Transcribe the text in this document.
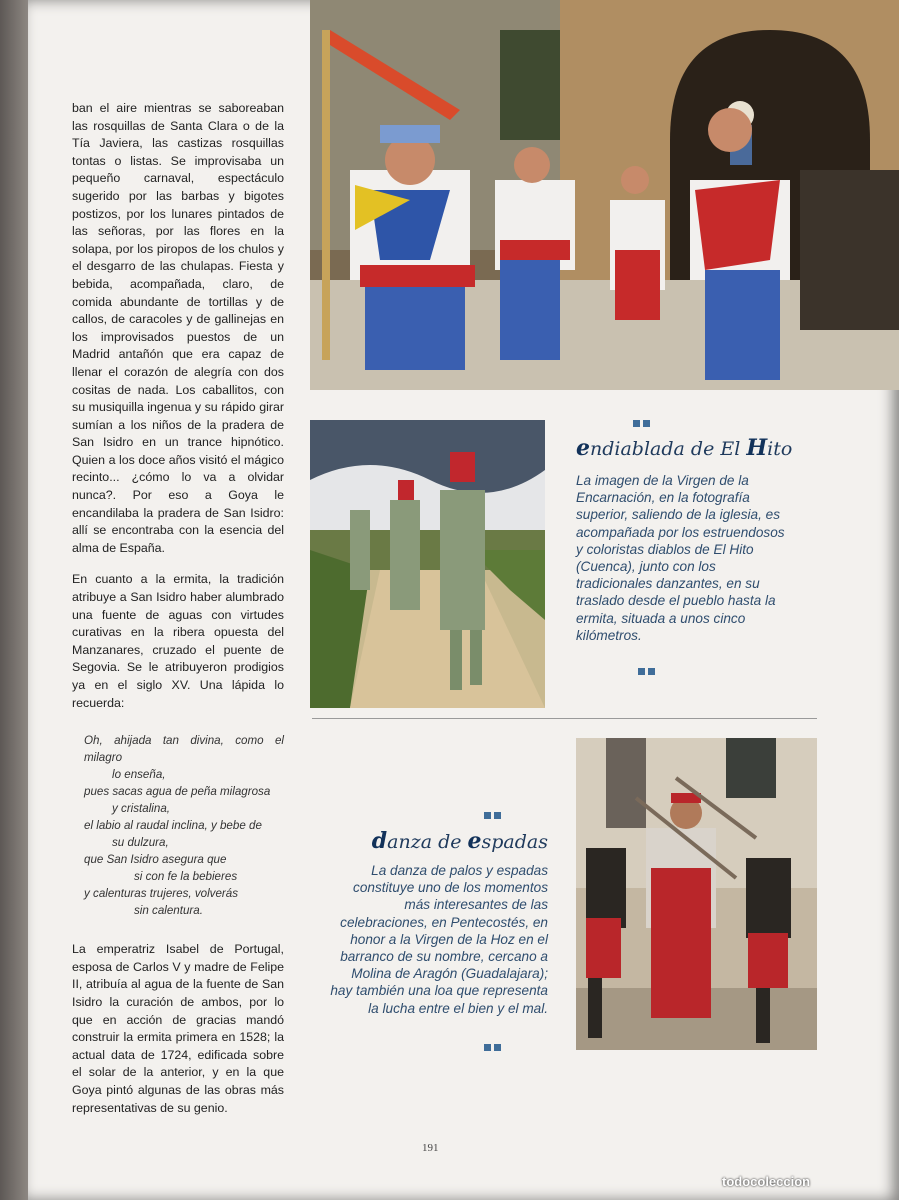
ban el aire mientras se saboreaban las rosquillas de Santa Clara o de la Tía Javiera, las castizas rosquillas tontas o listas. Se improvisaba un pequeño carnaval, espectáculo sugerido por las barbas y bigotes postizos, por los lunares pintados de las señoras, por las flores en la solapa, por los piropos de los chulos y el desgarro de las chulapas. Fiesta y bebida, acompañada, claro, de comida abundante de tortillas y de callos, de caracoles y de gallinejas en los improvisados puestos de un Madrid antañón que era capaz de llenar el corazón de alegría con dos cositas de nada. Los caballitos, con su musiquilla ingenua y su rápido girar sumían a los niños de la pradera de San Isidro en un trance hipnótico. Quien a los doce años visitó el mágico recinto... ¿cómo lo va a olvidar nunca?. Por eso a Goya le encandilaba la pradera de San Isidro: allí se encontraba con la esencia del alma de España.

En cuanto a la ermita, la tradición atribuye a San Isidro haber alumbrado una fuente de aguas con virtudes curativas en la ribera opuesta del Manzanares, cruzado el puente de Segovia. Se le atribuyeron prodigios ya en el siglo XV. Una lápida lo recuerda:

Oh, ahijada tan divina, como el milagro
lo enseña,
pues sacas agua de peña milagrosa
y cristalina,
el labio al raudal inclina, y bebe de
su dulzura,
que San Isidro asegura que
si con fe la bebieres
y calenturas trujeres, volverás
sin calentura.

La emperatriz Isabel de Portugal, esposa de Carlos V y madre de Felipe II, atribuía al agua de la fuente de San Isidro la curación de ambos, por lo que en acción de gracias mandó construir la ermita primera en 1528; la actual data de 1724, edificada sobre el solar de la anterior, y en la que Goya pintó algunas de las obras más representativas de su genio.

endiablada de El Hito
La imagen de la Virgen de la Encarnación, en la fotografía superior, saliendo de la iglesia, es acompañada por los estruendosos y coloristas diablos de El Hito (Cuenca), junto con los tradicionales danzantes, en su traslado desde el pueblo hasta la ermita, situada a unos cinco kilómetros.
danza de espadas
La danza de palos y espadas constituye uno de los momentos más interesantes de las celebraciones, en Pentecostés, en honor a la Virgen de la Hoz en el barranco de su nombre, cercano a Molina de Aragón (Guadalajara); hay también una loa que representa la lucha entre el bien y el mal.
191
todocoleccion
